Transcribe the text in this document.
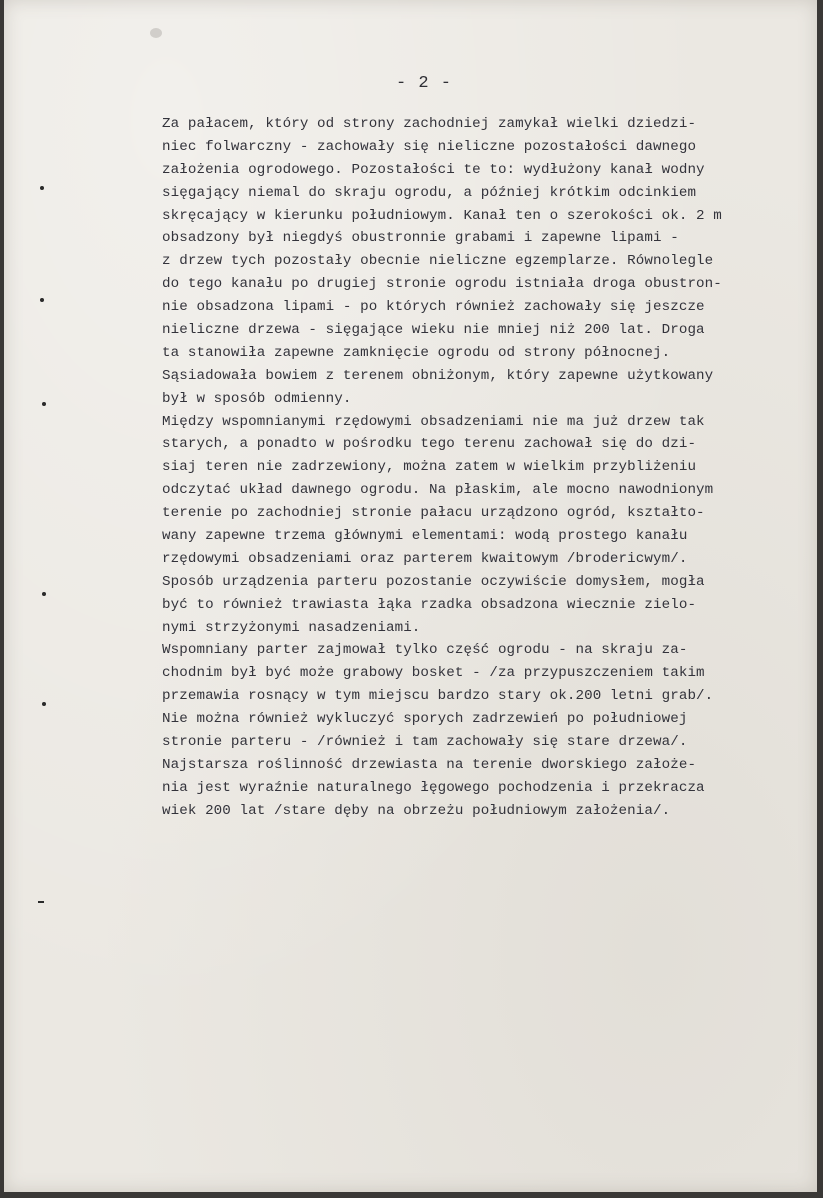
- 2 -
Za pałacem, który od strony zachodniej zamykał wielki dziedzi-
niec folwarczny - zachowały się nieliczne pozostałości dawnego
założenia ogrodowego. Pozostałości te to: wydłużony kanał wodny
sięgający niemal do skraju ogrodu, a później krótkim odcinkiem
skręcający w kierunku południowym. Kanał ten o szerokości ok. 2 m
obsadzony był niegdyś obustronnie grabami i zapewne lipami -
z drzew tych pozostały obecnie nieliczne egzemplarze. Równolegle
do tego kanału po drugiej stronie ogrodu istniała droga obustron-
nie obsadzona lipami - po których również zachowały się jeszcze
nieliczne drzewa - sięgające wieku nie mniej niż 200 lat. Droga
ta stanowiła zapewne zamknięcie ogrodu od strony północnej.
Sąsiadowała bowiem z terenem obniżonym, który zapewne użytkowany
był w sposób odmienny.
Między wspomnianymi rzędowymi obsadzeniami nie ma już drzew tak
starych, a ponadto w pośrodku tego terenu zachował się do dzi-
siaj teren nie zadrzewiony, można zatem w wielkim przybliżeniu
odczytać układ dawnego ogrodu. Na płaskim, ale mocno nawodnionym
terenie po zachodniej stronie pałacu urządzono ogród, kształto-
wany zapewne trzema głównymi elementami: wodą prostego kanału
rzędowymi obsadzeniami oraz parterem kwaitowym /brodericwym/.
Sposób urządzenia parteru pozostanie oczywiście domysłem, mogła
być to również trawiasta łąka rzadka obsadzona wiecznie zielo-
nymi strzyżonymi nasadzeniami.
Wspomniany parter zajmował tylko część ogrodu - na skraju za-
chodnim był być może grabowy bosket - /za przypuszczeniem takim
przemawia rosnący w tym miejscu bardzo stary ok.200 letni grab/.
Nie można również wykluczyć sporych zadrzewień po południowej
stronie parteru - /również i tam zachowały się stare drzewa/.
Najstarsza roślinność drzewiasta na terenie dworskiego założe-
nia jest wyraźnie naturalnego łęgowego pochodzenia i przekracza
wiek 200 lat /stare dęby na obrzeżu południowym założenia/.
